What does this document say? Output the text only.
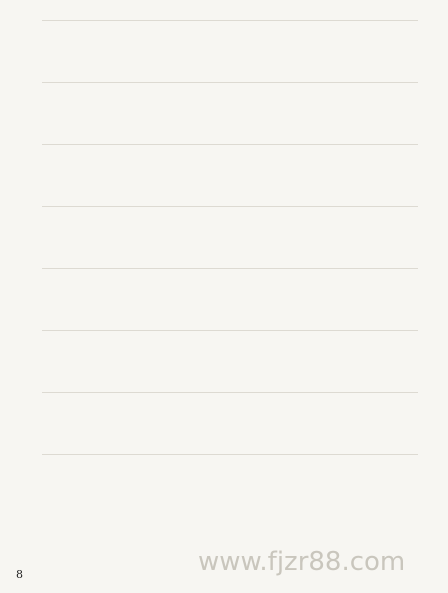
www.fjzr88.com
8
